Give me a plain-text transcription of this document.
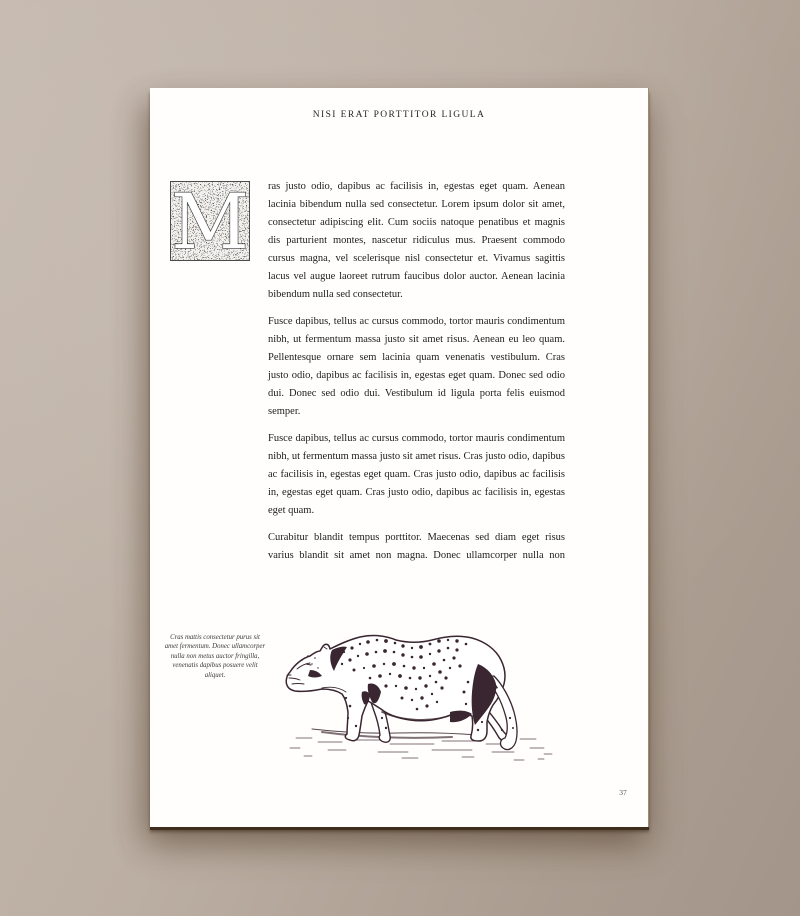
NISI ERAT PORTTITOR LIGULA
M ras justo odio, dapibus ac facilisis in, egestas eget quam. Aenean lacinia bibendum nulla sed consectetur. Lorem ipsum dolor sit amet, consectetur adipiscing elit. Cum sociis natoque penatibus et magnis dis parturient montes, nascetur ridiculus mus. Praesent commodo cursus magna, vel scelerisque nisl consectetur et. Vivamus sagittis lacus vel augue laoreet rutrum faucibus dolor auctor. Aenean lacinia bibendum nulla sed consectetur.

Fusce dapibus, tellus ac cursus commodo, tortor mauris condimentum nibh, ut fermentum massa justo sit amet risus. Aenean eu leo quam. Pellentesque ornare sem lacinia quam venenatis vestibulum. Cras justo odio, dapibus ac facilisis in, egestas eget quam. Donec sed odio dui. Donec sed odio dui. Vestibulum id ligula porta felis euismod semper.

Fusce dapibus, tellus ac cursus commodo, tortor mauris condimentum nibh, ut fermentum massa justo sit amet risus. Cras justo odio, dapibus ac facilisis in, egestas eget quam. Cras justo odio, dapibus ac facilisis in, egestas eget quam. Cras justo odio, dapibus ac facilisis in, egestas eget quam.

Curabitur blandit tempus porttitor. Maecenas sed diam eget risus varius blandit sit amet non magna. Donec ullamcorper nulla non

Cras mattis consectetur purus sit amet fermentum. Donec ullamcorper nulla non metus auctor fringilla, venenatis dapibus posuere velit aliquet.
37
